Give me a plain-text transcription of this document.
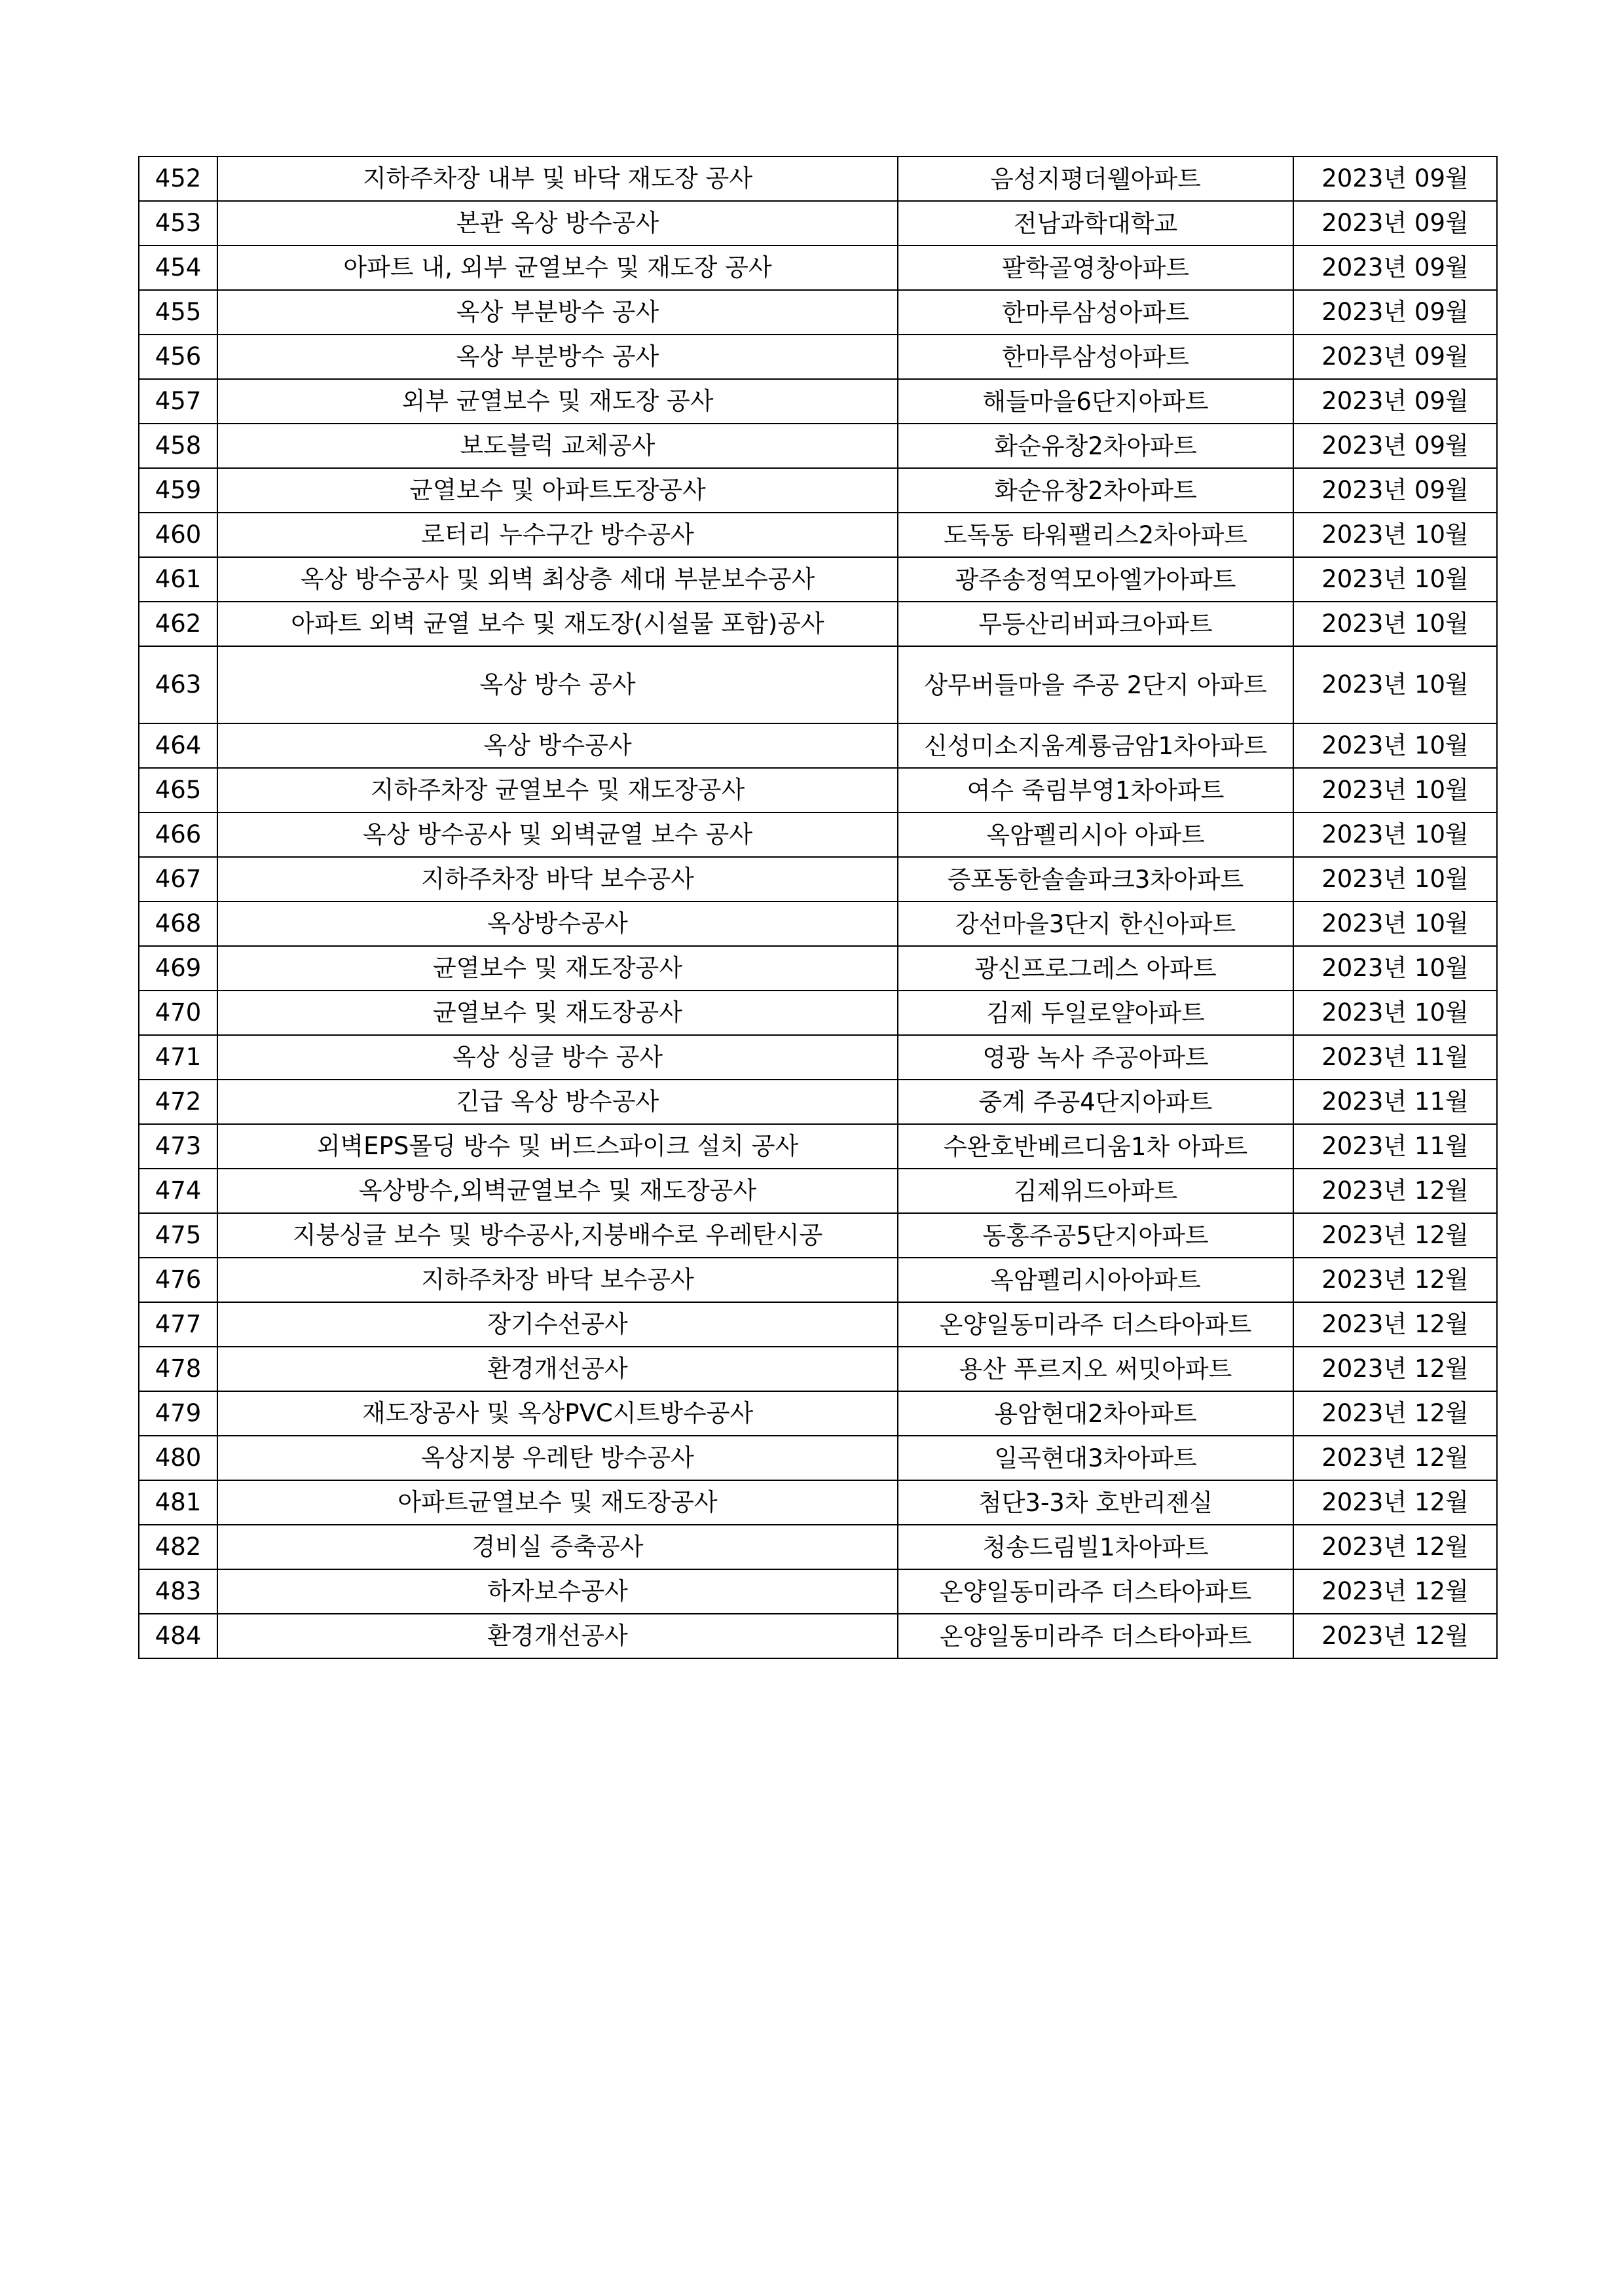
452	지하주차장 내부 및 바닥 재도장 공사	음성지평더웰아파트	2023년 09월
453	본관 옥상 방수공사	전남과학대학교	2023년 09월
454	아파트 내, 외부 균열보수 및 재도장 공사	팔학골영창아파트	2023년 09월
455	옥상 부분방수 공사	한마루삼성아파트	2023년 09월
456	옥상 부분방수 공사	한마루삼성아파트	2023년 09월
457	외부 균열보수 및 재도장 공사	해들마을6단지아파트	2023년 09월
458	보도블럭 교체공사	화순유창2차아파트	2023년 09월
459	균열보수 및 아파트도장공사	화순유창2차아파트	2023년 09월
460	로터리 누수구간 방수공사	도독동 타워팰리스2차아파트	2023년 10월
461	옥상 방수공사 및 외벽 최상층 세대 부분보수공사	광주송정역모아엘가아파트	2023년 10월
462	아파트 외벽 균열 보수 및 재도장(시설물 포함)공사	무등산리버파크아파트	2023년 10월
463	옥상 방수 공사	상무버들마을 주공 2단지 아파트	2023년 10월
464	옥상 방수공사	신성미소지움계룡금암1차아파트	2023년 10월
465	지하주차장 균열보수 및 재도장공사	여수 죽림부영1차아파트	2023년 10월
466	옥상 방수공사 및 외벽균열 보수 공사	옥암펠리시아 아파트	2023년 10월
467	지하주차장 바닥 보수공사	증포동한솔솔파크3차아파트	2023년 10월
468	옥상방수공사	강선마을3단지 한신아파트	2023년 10월
469	균열보수 및 재도장공사	광신프로그레스 아파트	2023년 10월
470	균열보수 및 재도장공사	김제 두일로얄아파트	2023년 10월
471	옥상 싱글 방수 공사	영광 녹사 주공아파트	2023년 11월
472	긴급 옥상 방수공사	중계 주공4단지아파트	2023년 11월
473	외벽EPS몰딩 방수 및 버드스파이크 설치 공사	수완호반베르디움1차 아파트	2023년 11월
474	옥상방수,외벽균열보수 및 재도장공사	김제위드아파트	2023년 12월
475	지붕싱글 보수 및 방수공사,지붕배수로 우레탄시공	동홍주공5단지아파트	2023년 12월
476	지하주차장 바닥 보수공사	옥암펠리시아아파트	2023년 12월
477	장기수선공사	온양일동미라주 더스타아파트	2023년 12월
478	환경개선공사	용산 푸르지오 써밋아파트	2023년 12월
479	재도장공사 및 옥상PVC시트방수공사	용암현대2차아파트	2023년 12월
480	옥상지붕 우레탄 방수공사	일곡현대3차아파트	2023년 12월
481	아파트균열보수 및 재도장공사	첨단3-3차 호반리젠실	2023년 12월
482	경비실 증축공사	청송드림빌1차아파트	2023년 12월
483	하자보수공사	온양일동미라주 더스타아파트	2023년 12월
484	환경개선공사	온양일동미라주 더스타아파트	2023년 12월
